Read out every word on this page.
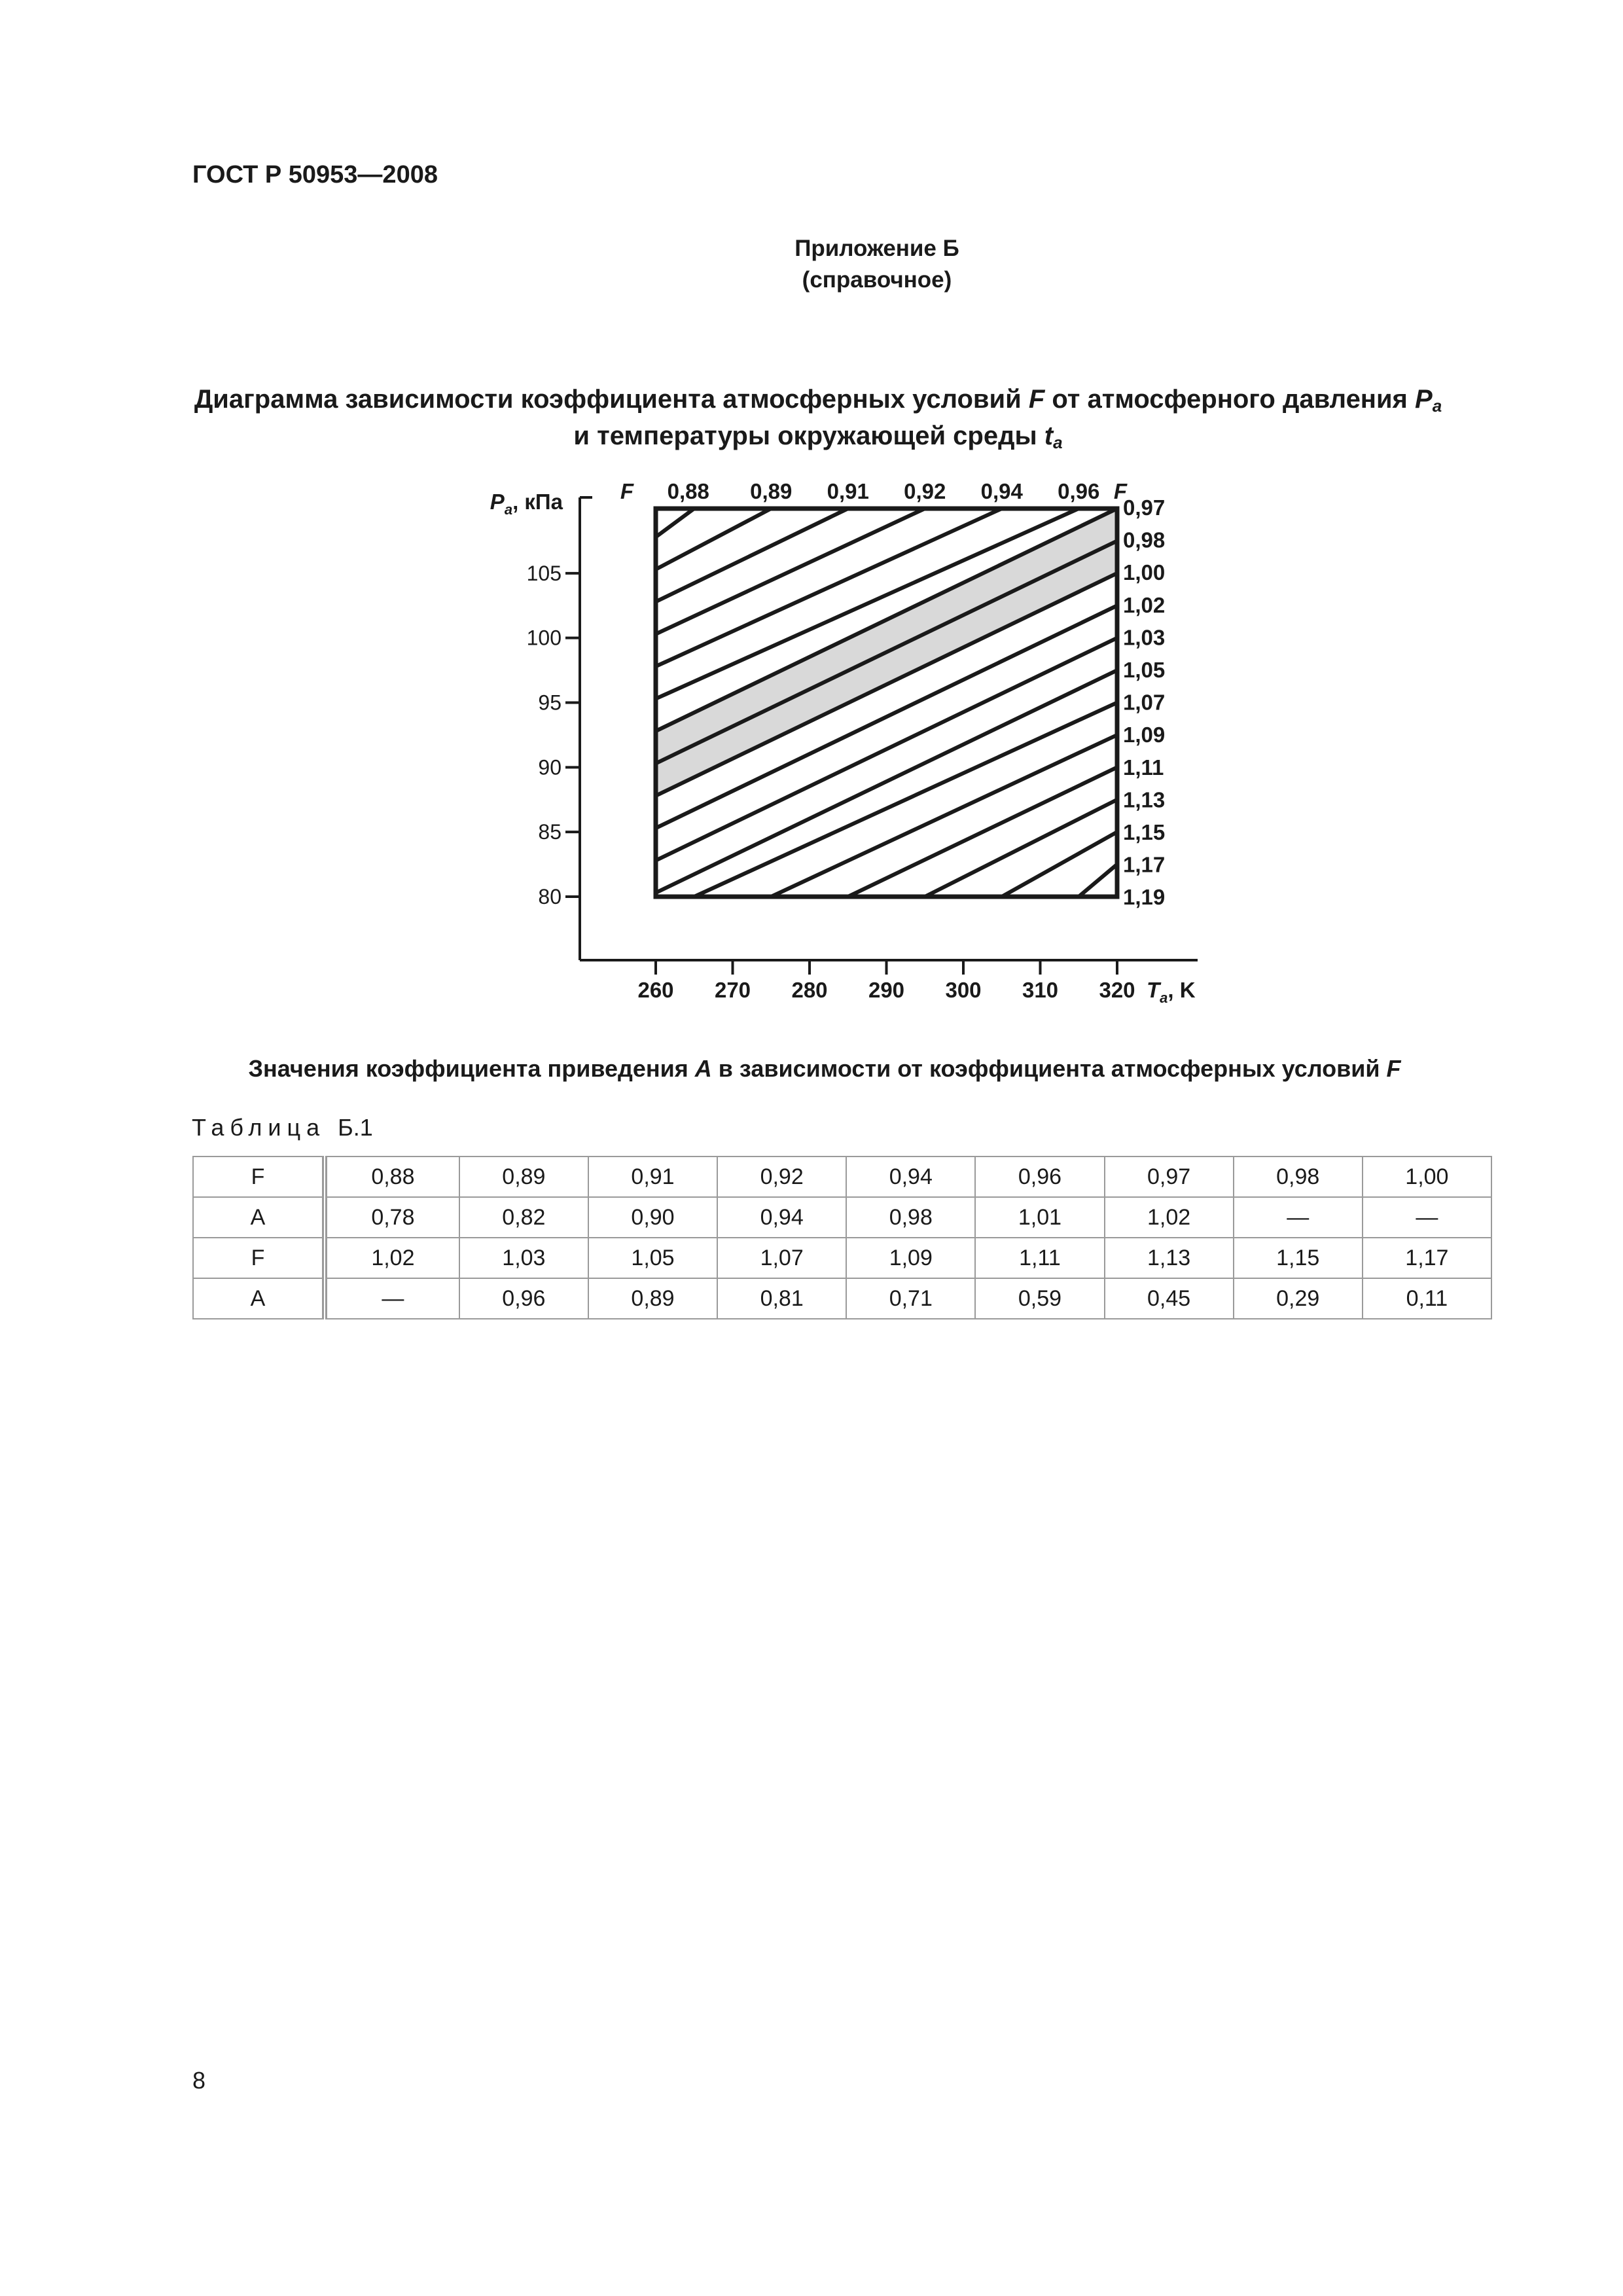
ГОСТ Р 50953—2008
Приложение Б
(справочное)
Диаграмма зависимости коэффициента атмосферных условий F от атмосферного давления $P_a$
и температуры окружающей среды $t_a$
$P_a$, кПа
$T_a$, K
F	F
80
85
90
95
100
105
260 270 280 290 300 310 320
0,88 0,89 0,91 0,92 0,94 0,96
0,97
0,98
1,00
1,02
1,03
1,05
1,07
1,09
1,11
1,13
1,15
1,17
1,19
Значения коэффициента приведения A в зависимости от коэффициента атмосферных условий F
Таблица Б.1
F	0,88	0,89	0,91	0,92	0,94	0,96	0,97	0,98	1,00
A	0,78	0,82	0,90	0,94	0,98	1,01	1,02	—	—
F	1,02	1,03	1,05	1,07	1,09	1,11	1,13	1,15	1,17
A	—	0,96	0,89	0,81	0,71	0,59	0,45	0,29	0,11
8
